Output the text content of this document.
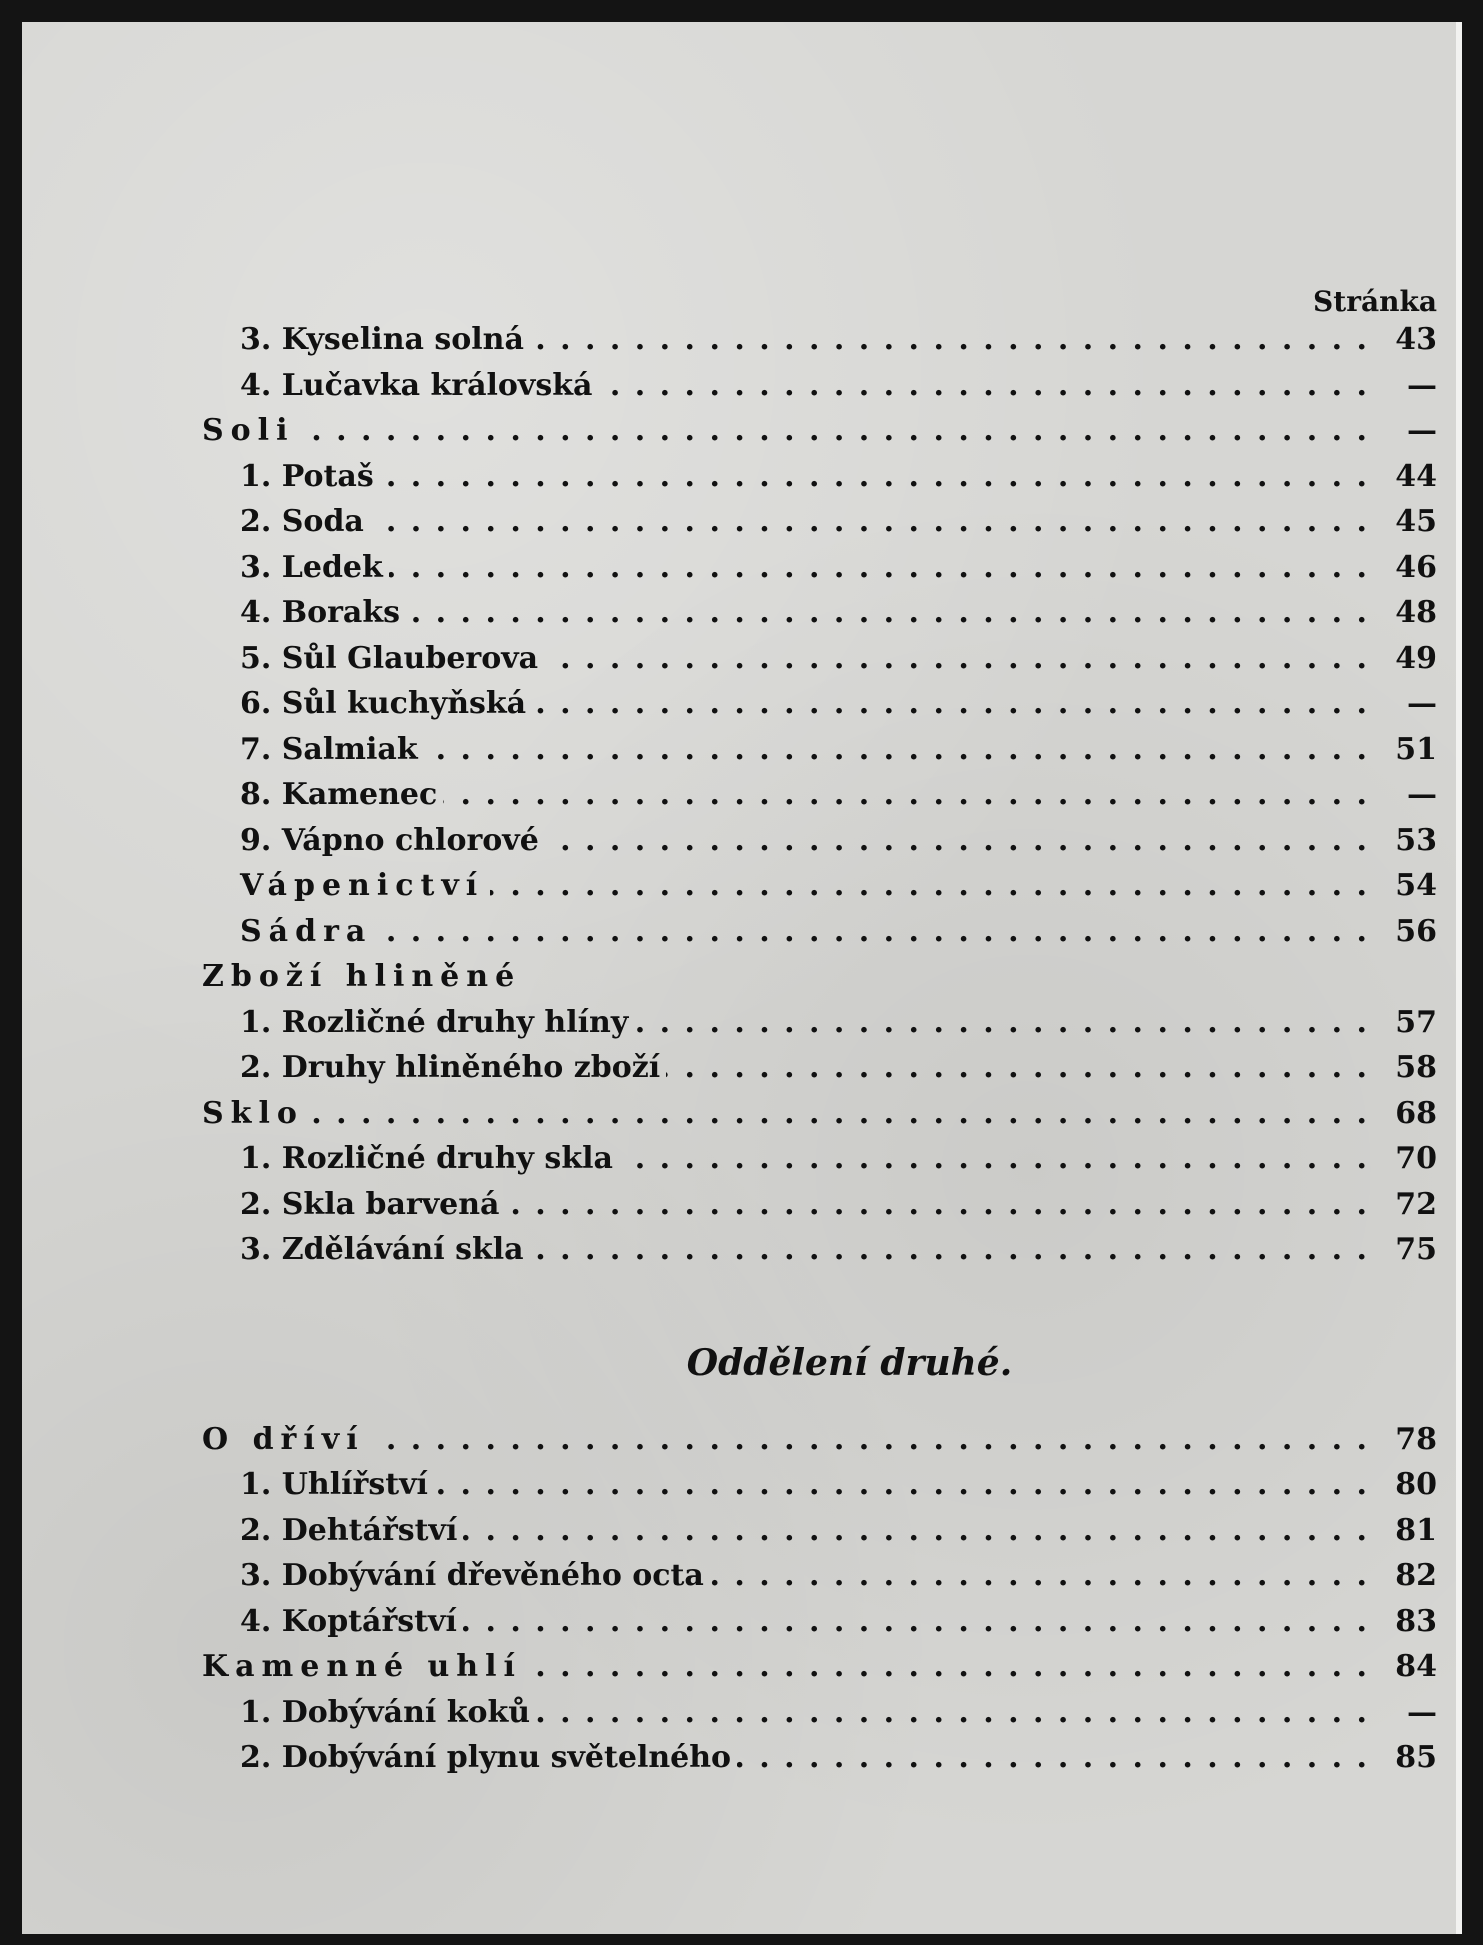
Stránka
3. Kyselina solná . . .	43
4. Lučavka královská . . .	—
Soli . . .	—
1. Potaš . . .	44
2. Soda . . .	45
3. Ledek . . .	46
4. Boraks . . .	48
5. Sůl Glauberova . . .	49
6. Sůl kuchyňská . . .	—
7. Salmiak . . .	51
8. Kamenec . . .	—
9. Vápno chlorové . . .	53
Vápenictví . . .	54
Sádra . . .	56
Zboží hliněné
1. Rozličné druhy hlíny . . .	57
2. Druhy hliněného zboží . . .	58
Sklo . . .	68
1. Rozličné druhy skla . . .	70
2. Skla barvená . . .	72
3. Zdělávání skla . . .	75
Oddělení druhé.
O dříví . . .	78
1. Uhlířství . . .	80
2. Dehtářství . . .	81
3. Dobývání dřevěného octa . . .	82
4. Koptářství . . .	83
Kamenné uhlí . . .	84
1. Dobývání koků . . .	—
2. Dobývání plynu světelného . . .	85
